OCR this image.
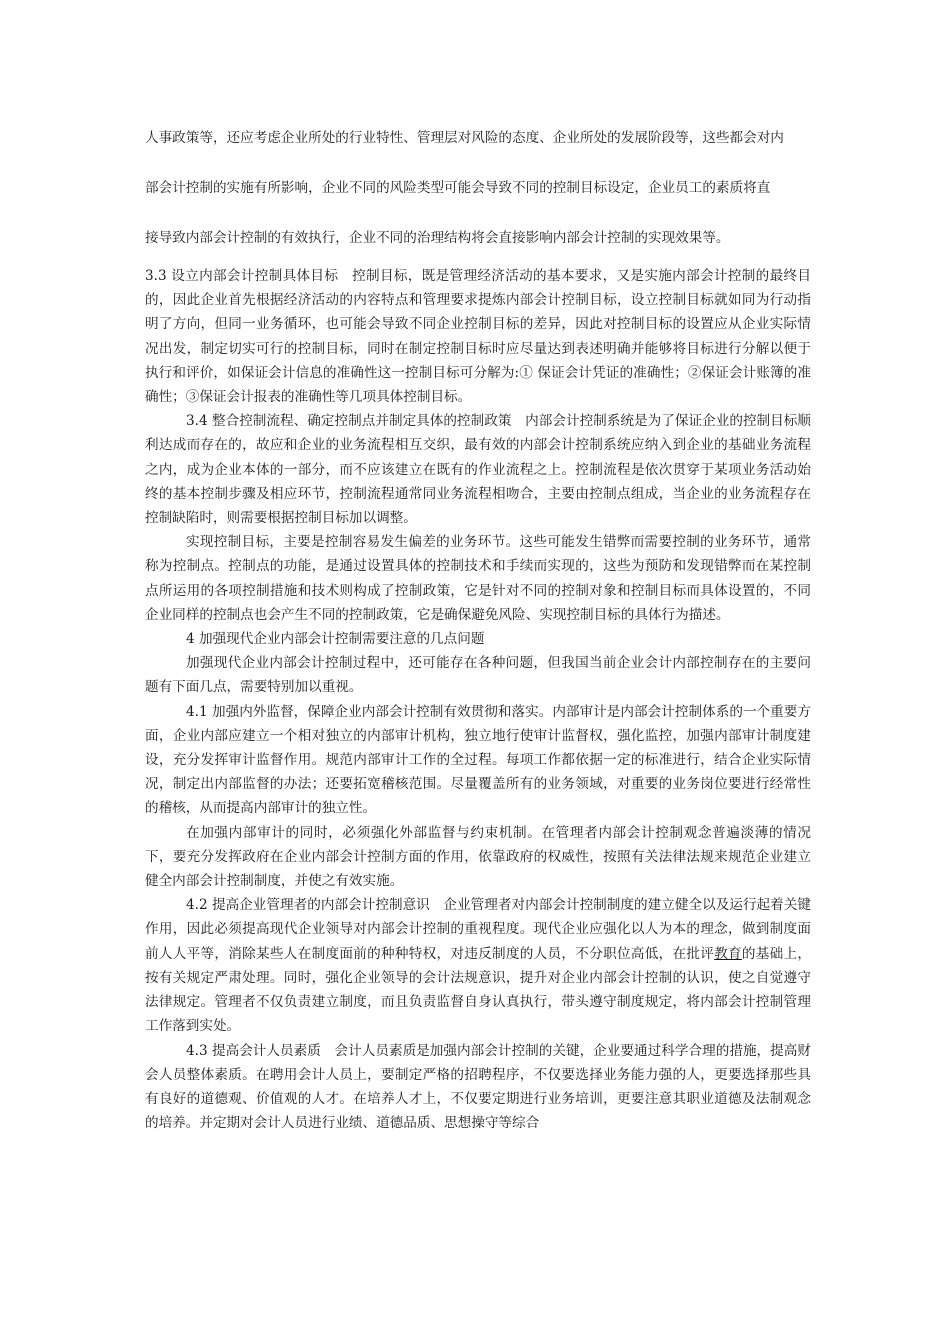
人事政策等，还应考虑企业所处的行业特性、管理层对风险的态度、企业所处的发展阶段等，这些都会对内
部会计控制的实施有所影响，企业不同的风险类型可能会导致不同的控制目标设定，企业员工的素质将直
接导致内部会计控制的有效执行，企业不同的治理结构将会直接影响内部会计控制的实现效果等。

3.3 设立内部会计控制具体目标　控制目标，既是管理经济活动的基本要求，又是实施内部会计控制的最终目的，因此企业首先根据经济活动的内容特点和管理要求提炼内部会计控制目标，设立控制目标就如同为行动指明了方向，但同一业务循环，也可能会导致不同企业控制目标的差异，因此对控制目标的设置应从企业实际情况出发，制定切实可行的控制目标，同时在制定控制目标时应尽量达到表述明确并能够将目标进行分解以便于执行和评价，如保证会计信息的准确性这一控制目标可分解为:① 保证会计凭证的准确性；②保证会计账簿的准确性；③保证会计报表的准确性等几项具体控制目标。

3.4 整合控制流程、确定控制点并制定具体的控制政策　内部会计控制系统是为了保证企业的控制目标顺利达成而存在的，故应和企业的业务流程相互交织，最有效的内部会计控制系统应纳入到企业的基础业务流程之内，成为企业本体的一部分，而不应该建立在既有的作业流程之上。控制流程是依次贯穿于某项业务活动始终的基本控制步骤及相应环节，控制流程通常同业务流程相吻合，主要由控制点组成，当企业的业务流程存在控制缺陷时，则需要根据控制目标加以调整。

实现控制目标，主要是控制容易发生偏差的业务环节。这些可能发生错弊而需要控制的业务环节，通常称为控制点。控制点的功能，是通过设置具体的控制技术和手续而实现的，这些为预防和发现错弊而在某控制点所运用的各项控制措施和技术则构成了控制政策，它是针对不同的控制对象和控制目标而具体设置的，不同企业同样的控制点也会产生不同的控制政策，它是确保避免风险、实现控制目标的具体行为描述。

4 加强现代企业内部会计控制需要注意的几点问题

加强现代企业内部会计控制过程中，还可能存在各种问题，但我国当前企业会计内部控制存在的主要问题有下面几点，需要特别加以重视。

4.1 加强内外监督，保障企业内部会计控制有效贯彻和落实。内部审计是内部会计控制体系的一个重要方面，企业内部应建立一个相对独立的内部审计机构，独立地行使审计监督权，强化监控，加强内部审计制度建设，充分发挥审计监督作用。规范内部审计工作的全过程。每项工作都依据一定的标准进行，结合企业实际情况，制定出内部监督的办法；还要拓宽稽核范围。尽量覆盖所有的业务领域，对重要的业务岗位要进行经常性的稽核，从而提高内部审计的独立性。

在加强内部审计的同时，必须强化外部监督与约束机制。在管理者内部会计控制观念普遍淡薄的情况下，要充分发挥政府在企业内部会计控制方面的作用，依靠政府的权威性，按照有关法律法规来规范企业建立健全内部会计控制制度，并使之有效实施。

4.2 提高企业管理者的内部会计控制意识　企业管理者对内部会计控制制度的建立健全以及运行起着关键作用，因此必须提高现代企业领导对内部会计控制的重视程度。现代企业应强化以人为本的理念，做到制度面前人人平等，消除某些人在制度面前的种种特权，对违反制度的人员，不分职位高低，在批评教育的基础上，按有关规定严肃处理。同时，强化企业领导的会计法规意识，提升对企业内部会计控制的认识，使之自觉遵守法律规定。管理者不仅负责建立制度，而且负责监督自身认真执行，带头遵守制度规定，将内部会计控制管理工作落到实处。

4.3 提高会计人员素质　会计人员素质是加强内部会计控制的关键，企业要通过科学合理的措施，提高财会人员整体素质。在聘用会计人员上，要制定严格的招聘程序，不仅要选择业务能力强的人，更要选择那些具有良好的道德观、价值观的人才。在培养人才上，不仅要定期进行业务培训，更要注意其职业道德及法制观念的培养。并定期对会计人员进行业绩、道德品质、思想操守等综合
